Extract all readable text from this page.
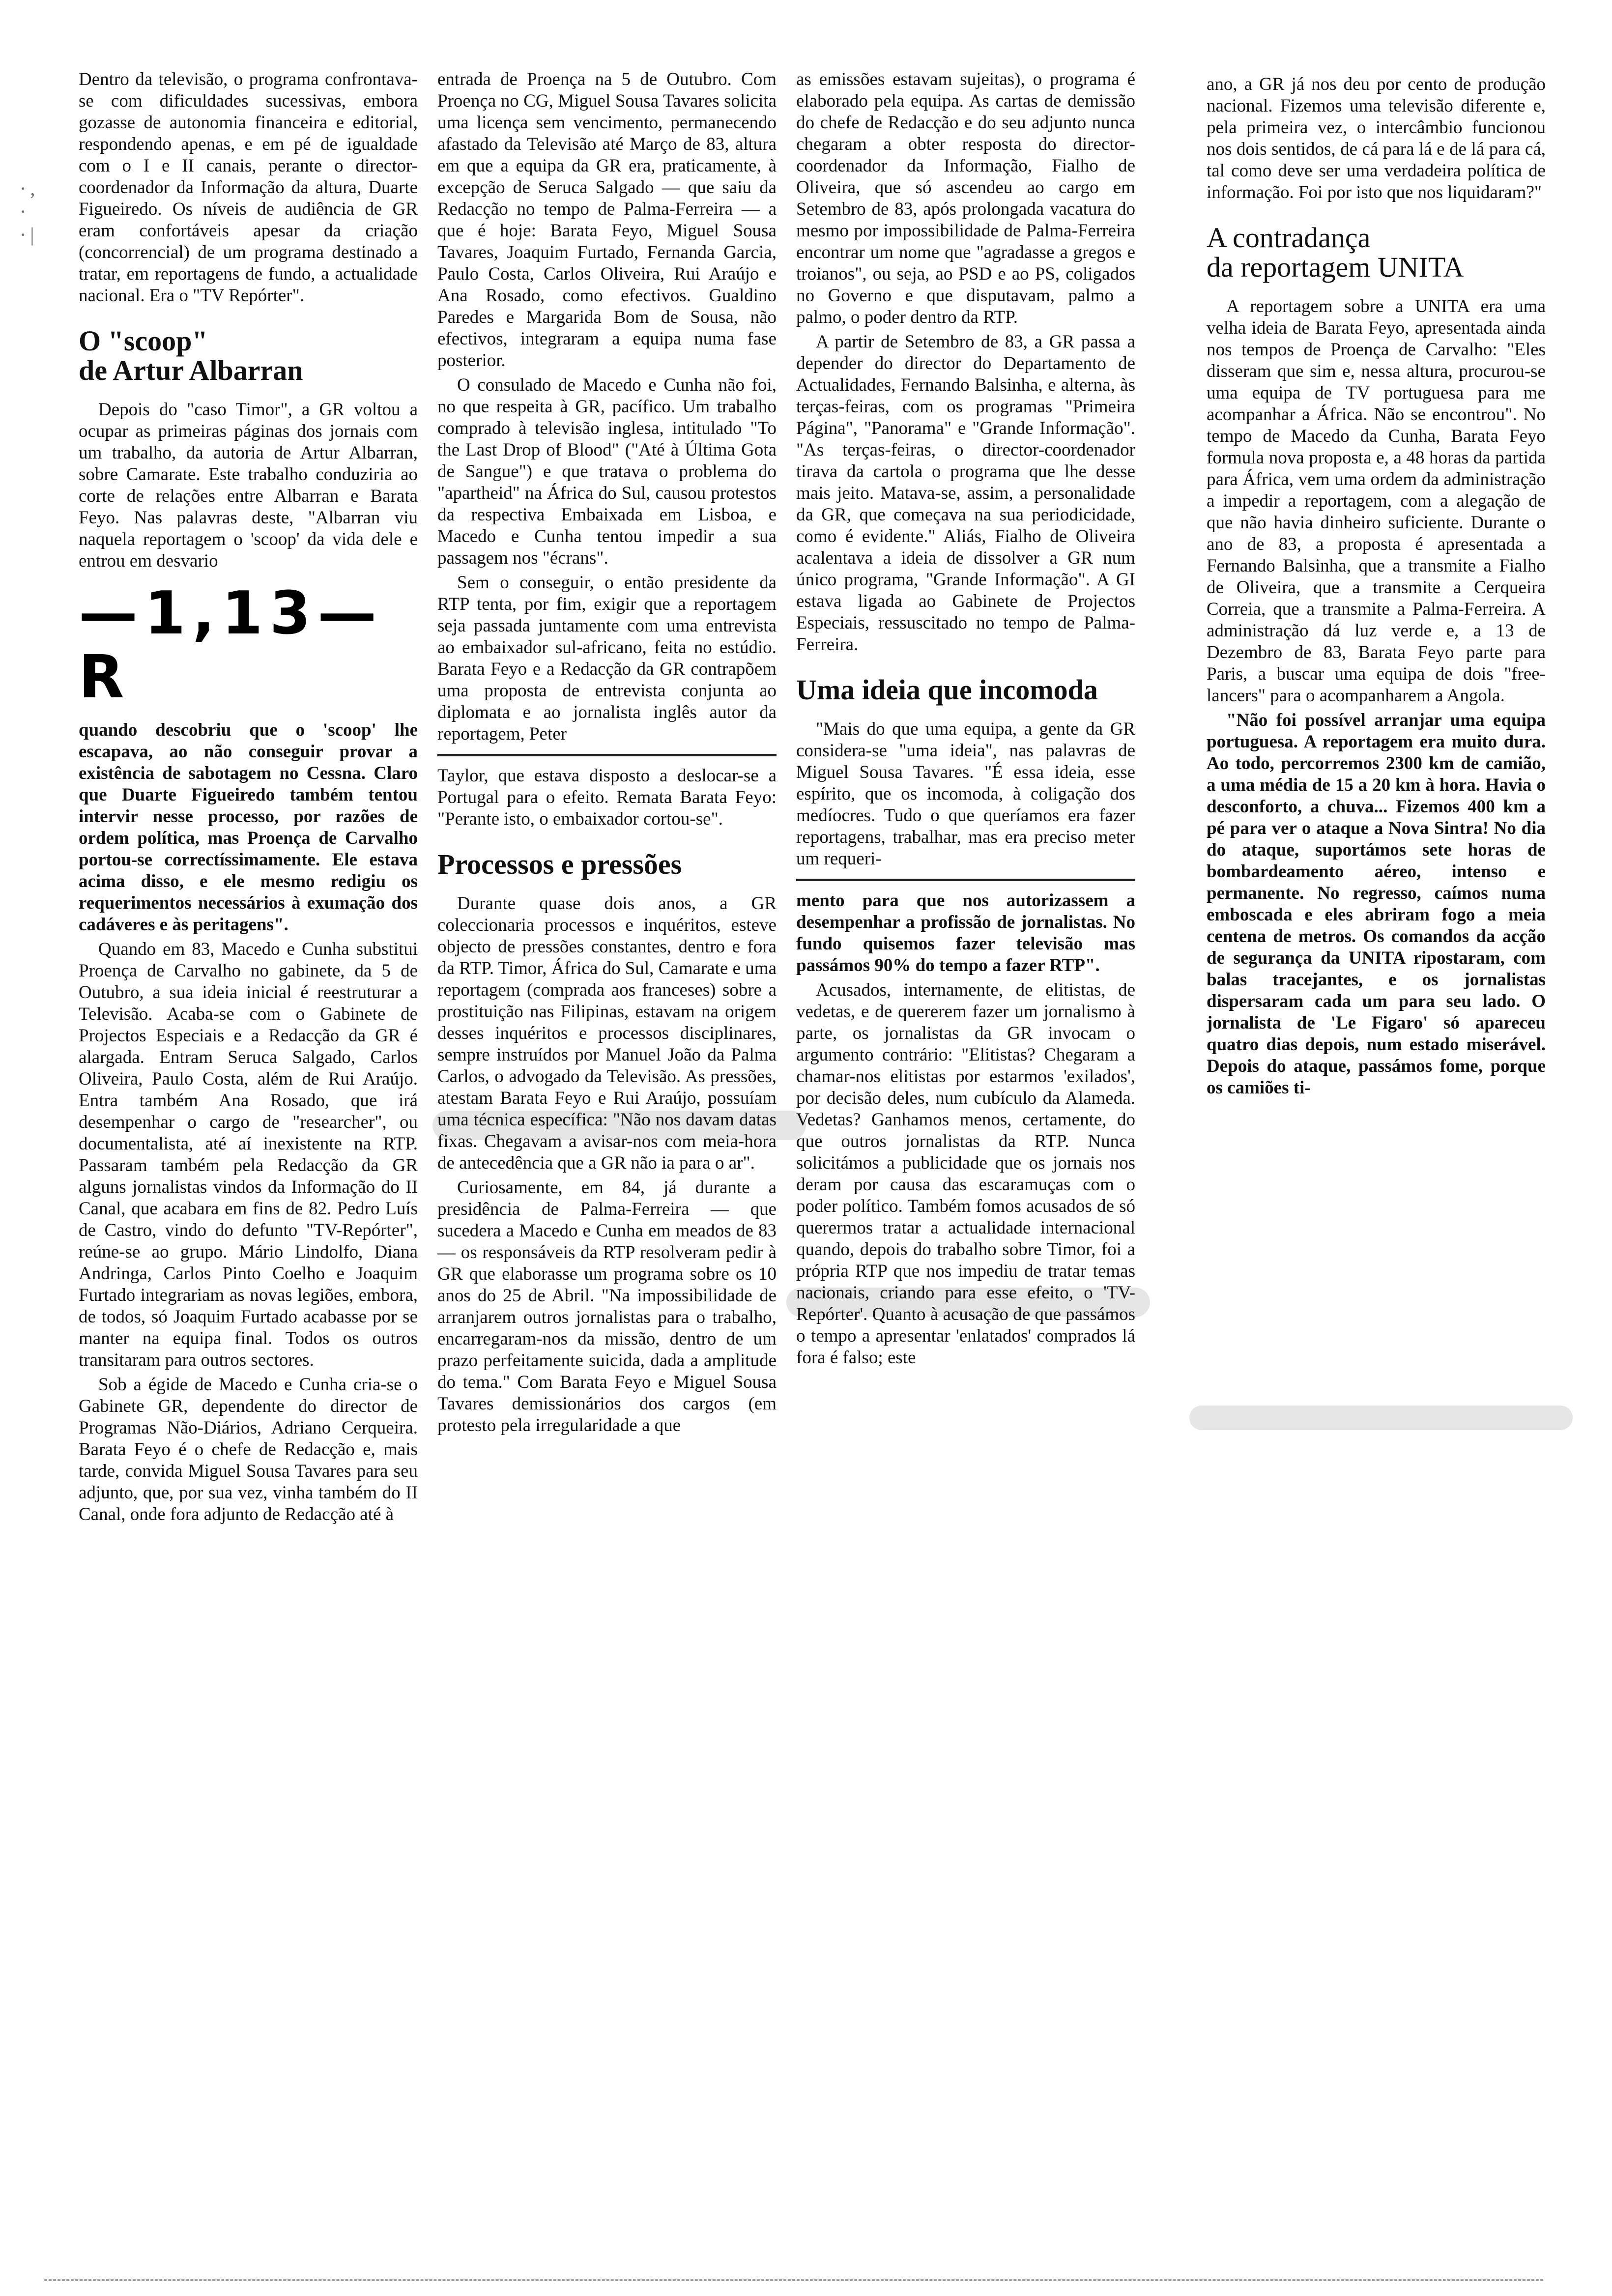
·,
·
·|

Dentro da televisão, o programa confrontava-se com dificuldades sucessivas, embora gozasse de autonomia financeira e editorial, respondendo apenas, e em pé de igualdade com o I e II canais, perante o director-coordenador da Informação da altura, Duarte Figueiredo. Os níveis de audiência de GR eram confortáveis apesar da criação (concorrencial) de um programa destinado a tratar, em reportagens de fundo, a actualidade nacional. Era o "TV Repórter".

O "scoop"
de Artur Albarran

Depois do "caso Timor", a GR voltou a ocupar as primeiras páginas dos jornais com um trabalho, da autoria de Artur Albarran, sobre Camarate. Este trabalho conduziria ao corte de relações entre Albarran e Barata Feyo. Nas palavras deste, "Albarran viu naquela reportagem o 'scoop' da vida dele e entrou em desvario

—1,13—R

quando descobriu que o 'scoop' lhe escapava, ao não conseguir provar a existência de sabotagem no Cessna. Claro que Duarte Figueiredo também tentou intervir nesse processo, por razões de ordem política, mas Proença de Carvalho portou-se correctíssimamente. Ele estava acima disso, e ele mesmo redigiu os requerimentos necessários à exumação dos cadáveres e às peritagens".

Quando em 83, Macedo e Cunha substitui Proença de Carvalho no gabinete, da 5 de Outubro, a sua ideia inicial é reestruturar a Televisão. Acaba-se com o Gabinete de Projectos Especiais e a Redacção da GR é alargada. Entram Seruca Salgado, Carlos Oliveira, Paulo Costa, além de Rui Araújo. Entra também Ana Rosado, que irá desempenhar o cargo de "researcher", ou documentalista, até aí inexistente na RTP. Passaram também pela Redacção da GR alguns jornalistas vindos da Informação do II Canal, que acabara em fins de 82. Pedro Luís de Castro, vindo do defunto "TV-Repórter", reúne-se ao grupo. Mário Lindolfo, Diana Andringa, Carlos Pinto Coelho e Joaquim Furtado integrariam as novas legiões, embora, de todos, só Joaquim Furtado acabasse por se manter na equipa final. Todos os outros transitaram para outros sectores.

Sob a égide de Macedo e Cunha cria-se o Gabinete GR, dependente do director de Programas Não-Diários, Adriano Cerqueira. Barata Feyo é o chefe de Redacção e, mais tarde, convida Miguel Sousa Tavares para seu adjunto, que, por sua vez, vinha também do II Canal, onde fora adjunto de Redacção até à

entrada de Proença na 5 de Outubro. Com Proença no CG, Miguel Sousa Tavares solicita uma licença sem vencimento, permanecendo afastado da Televisão até Março de 83, altura em que a equipa da GR era, praticamente, à excepção de Seruca Salgado — que saiu da Redacção no tempo de Palma-Ferreira — a que é hoje: Barata Feyo, Miguel Sousa Tavares, Joaquim Furtado, Fernanda Garcia, Paulo Costa, Carlos Oliveira, Rui Araújo e Ana Rosado, como efectivos. Gualdino Paredes e Margarida Bom de Sousa, não efectivos, integraram a equipa numa fase posterior.

O consulado de Macedo e Cunha não foi, no que respeita à GR, pacífico. Um trabalho comprado à televisão inglesa, intitulado "To the Last Drop of Blood" ("Até à Última Gota de Sangue") e que tratava o problema do "apartheid" na África do Sul, causou protestos da respectiva Embaixada em Lisboa, e Macedo e Cunha tentou impedir a sua passagem nos "écrans".

Sem o conseguir, o então presidente da RTP tenta, por fim, exigir que a reportagem seja passada juntamente com uma entrevista ao embaixador sul-africano, feita no estúdio. Barata Feyo e a Redacção da GR contrapõem uma proposta de entrevista conjunta ao diplomata e ao jornalista inglês autor da reportagem, Peter

Taylor, que estava disposto a deslocar-se a Portugal para o efeito. Remata Barata Feyo: "Perante isto, o embaixador cortou-se".

Processos e pressões

Durante quase dois anos, a GR coleccionaria processos e inquéritos, esteve objecto de pressões constantes, dentro e fora da RTP. Timor, África do Sul, Camarate e uma reportagem (comprada aos franceses) sobre a prostituição nas Filipinas, estavam na origem desses inquéritos e processos disciplinares, sempre instruídos por Manuel João da Palma Carlos, o advogado da Televisão. As pressões, atestam Barata Feyo e Rui Araújo, possuíam uma técnica específica: "Não nos davam datas fixas. Chegavam a avisar-nos com meia-hora de antecedência que a GR não ia para o ar".

Curiosamente, em 84, já durante a presidência de Palma-Ferreira — que sucedera a Macedo e Cunha em meados de 83 — os responsáveis da RTP resolveram pedir à GR que elaborasse um programa sobre os 10 anos do 25 de Abril. "Na impossibilidade de arranjarem outros jornalistas para o trabalho, encarregaram-nos da missão, dentro de um prazo perfeitamente suicida, dada a amplitude do tema." Com Barata Feyo e Miguel Sousa Tavares demissionários dos cargos (em protesto pela irregularidade a que

as emissões estavam sujeitas), o programa é elaborado pela equipa. As cartas de demissão do chefe de Redacção e do seu adjunto nunca chegaram a obter resposta do director-coordenador da Informação, Fialho de Oliveira, que só ascendeu ao cargo em Setembro de 83, após prolongada vacatura do mesmo por impossibilidade de Palma-Ferreira encontrar um nome que "agradasse a gregos e troianos", ou seja, ao PSD e ao PS, coligados no Governo e que disputavam, palmo a palmo, o poder dentro da RTP.

A partir de Setembro de 83, a GR passa a depender do director do Departamento de Actualidades, Fernando Balsinha, e alterna, às terças-feiras, com os programas "Primeira Página", "Panorama" e "Grande Informação". "As terças-feiras, o director-coordenador tirava da cartola o programa que lhe desse mais jeito. Matava-se, assim, a personalidade da GR, que começava na sua periodicidade, como é evidente." Aliás, Fialho de Oliveira acalentava a ideia de dissolver a GR num único programa, "Grande Informação". A GI estava ligada ao Gabinete de Projectos Especiais, ressuscitado no tempo de Palma-Ferreira.

Uma ideia que incomoda

"Mais do que uma equipa, a gente da GR considera-se "uma ideia", nas palavras de Miguel Sousa Tavares. "É essa ideia, esse espírito, que os incomoda, à coligação dos medíocres. Tudo o que queríamos era fazer reportagens, trabalhar, mas era preciso meter um requeri-

mento para que nos autorizassem a desempenhar a profissão de jornalistas. No fundo quisemos fazer televisão mas passámos 90% do tempo a fazer RTP".

Acusados, internamente, de elitistas, de vedetas, e de quererem fazer um jornalismo à parte, os jornalistas da GR invocam o argumento contrário: "Elitistas? Chegaram a chamar-nos elitistas por estarmos 'exilados', por decisão deles, num cubículo da Alameda. Vedetas? Ganhamos menos, certamente, do que outros jornalistas da RTP. Nunca solicitámos a publicidade que os jornais nos deram por causa das escaramuças com o poder político. Também fomos acusados de só querermos tratar a actualidade internacional quando, depois do trabalho sobre Timor, foi a própria RTP que nos impediu de tratar temas nacionais, criando para esse efeito, o 'TV-Repórter'. Quanto à acusação de que passámos o tempo a apresentar 'enlatados' comprados lá fora é falso; este

ano, a GR já nos deu por cento de produção nacional. Fizemos uma televisão diferente e, pela primeira vez, o intercâmbio funcionou nos dois sentidos, de cá para lá e de lá para cá, tal como deve ser uma verdadeira política de informação. Foi por isto que nos liquidaram?"

A contradança
da reportagem UNITA

A reportagem sobre a UNITA era uma velha ideia de Barata Feyo, apresentada ainda nos tempos de Proença de Carvalho: "Eles disseram que sim e, nessa altura, procurou-se uma equipa de TV portuguesa para me acompanhar a África. Não se encontrou". No tempo de Macedo da Cunha, Barata Feyo formula nova proposta e, a 48 horas da partida para África, vem uma ordem da administração a impedir a reportagem, com a alegação de que não havia dinheiro suficiente. Durante o ano de 83, a proposta é apresentada a Fernando Balsinha, que a transmite a Fialho de Oliveira, que a transmite a Cerqueira Correia, que a transmite a Palma-Ferreira. A administração dá luz verde e, a 13 de Dezembro de 83, Barata Feyo parte para Paris, a buscar uma equipa de dois "free-lancers" para o acompanharem a Angola.

"Não foi possível arranjar uma equipa portuguesa. A reportagem era muito dura. Ao todo, percorremos 2300 km de camião, a uma média de 15 a 20 km à hora. Havia o desconforto, a chuva... Fizemos 400 km a pé para ver o ataque a Nova Sintra! No dia do ataque, suportámos sete horas de bombardeamento aéreo, intenso e permanente. No regresso, caímos numa emboscada e eles abriram fogo a meia centena de metros. Os comandos da acção de segurança da UNITA ripostaram, com balas tracejantes, e os jornalistas dispersaram cada um para seu lado. O jornalista de 'Le Figaro' só apareceu quatro dias depois, num estado miserável. Depois do ataque, passámos fome, porque os camiões ti-
